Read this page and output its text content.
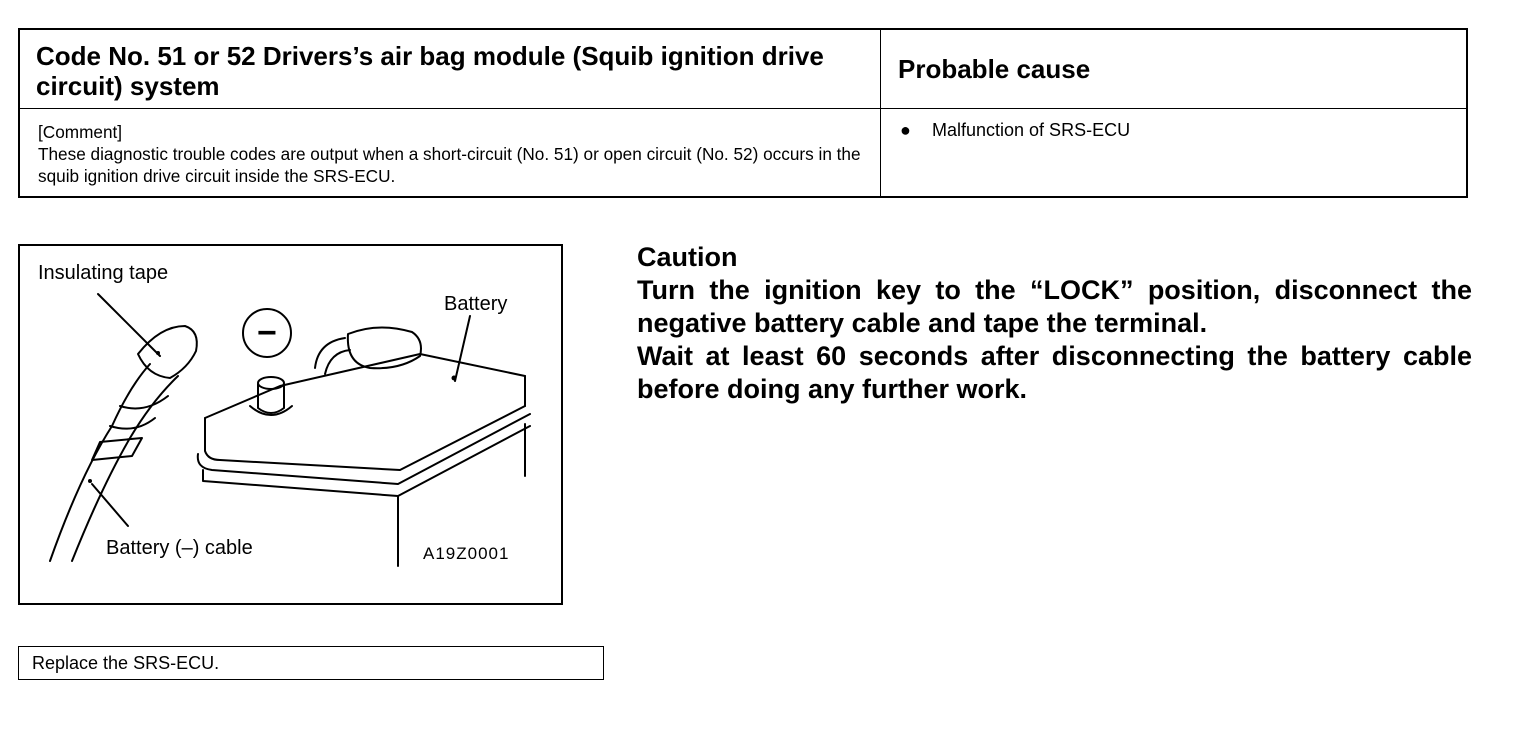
Code No. 51 or 52 Drivers’s air bag module (Squib ignition drive circuit) system
Probable cause
[Comment]
These diagnostic trouble codes are output when a short-circuit (No. 51) or open circuit (No. 52) occurs in the squib ignition drive circuit inside the SRS-ECU.
● Malfunction of SRS-ECU
Insulating tape
Battery
Battery (–) cable
−
A19Z0001
Caution
Turn the ignition key to the “LOCK” position, disconnect the negative battery cable and tape the terminal.
Wait at least 60 seconds after disconnecting the battery cable before doing any further work.
Replace the SRS-ECU.
